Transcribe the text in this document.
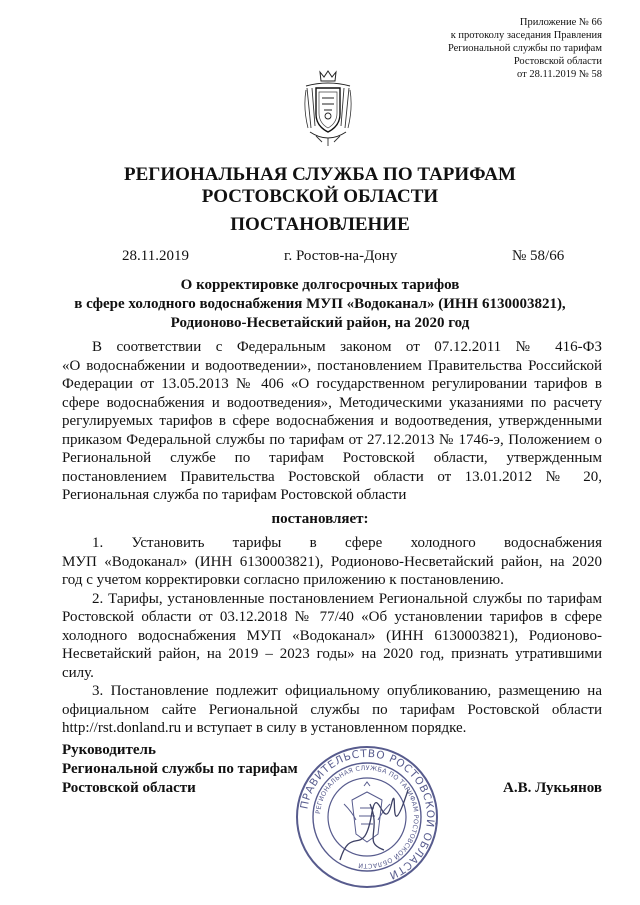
Приложение № 66
к протоколу заседания Правления
Региональной службы по тарифам
Ростовской области
от 28.11.2019 № 58
РЕГИОНАЛЬНАЯ СЛУЖБА ПО ТАРИФАМ
РОСТОВСКОЙ ОБЛАСТИ
ПОСТАНОВЛЕНИЕ
28.11.2019	г. Ростов-на-Дону	№ 58/66
О корректировке долгосрочных тарифов
в сфере холодного водоснабжения МУП «Водоканал» (ИНН 6130003821),
Родионово-Несветайский район, на 2020 год
В соответствии с Федеральным законом от 07.12.2011 № 416-ФЗ
«О водоснабжении и водоотведении», постановлением Правительства Российской
Федерации от 13.05.2013 № 406 «О государственном регулировании тарифов в
сфере водоснабжения и водоотведения», Методическими указаниями по расчету
регулируемых тарифов в сфере водоснабжения и водоотведения, утвержденными
приказом Федеральной службы по тарифам от 27.12.2013 № 1746-э, Положением о
Региональной службе по тарифам Ростовской области, утвержденным
постановлением Правительства Ростовской области от 13.01.2012 № 20,
Региональная служба по тарифам Ростовской области
постановляет:
1. Установить тарифы в сфере холодного водоснабжения
МУП «Водоканал» (ИНН 6130003821), Родионово-Несветайский район, на 2020
год с учетом корректировки согласно приложению к постановлению.
2. Тарифы, установленные постановлением Региональной службы по тарифам
Ростовской области от 03.12.2018 № 77/40 «Об установлении тарифов в сфере
холодного водоснабжения МУП «Водоканал» (ИНН 6130003821), Родионово-
Несветайский район, на 2019 – 2023 годы» на 2020 год, признать утратившими
силу.
3. Постановление подлежит официальному опубликованию, размещению на
официальном сайте Региональной службы по тарифам Ростовской области
http://rst.donland.ru и вступает в силу в установленном порядке.
Руководитель
Региональной службы по тарифам
Ростовской области
ПРАВИТЕЛЬСТВО РОСТОВСКОЙ ОБЛАСТИ
РЕГИОНАЛЬНАЯ СЛУЖБА ПО ТАРИФАМ РОСТОВСКОЙ ОБЛАСТИ
А.В. Лукьянов
